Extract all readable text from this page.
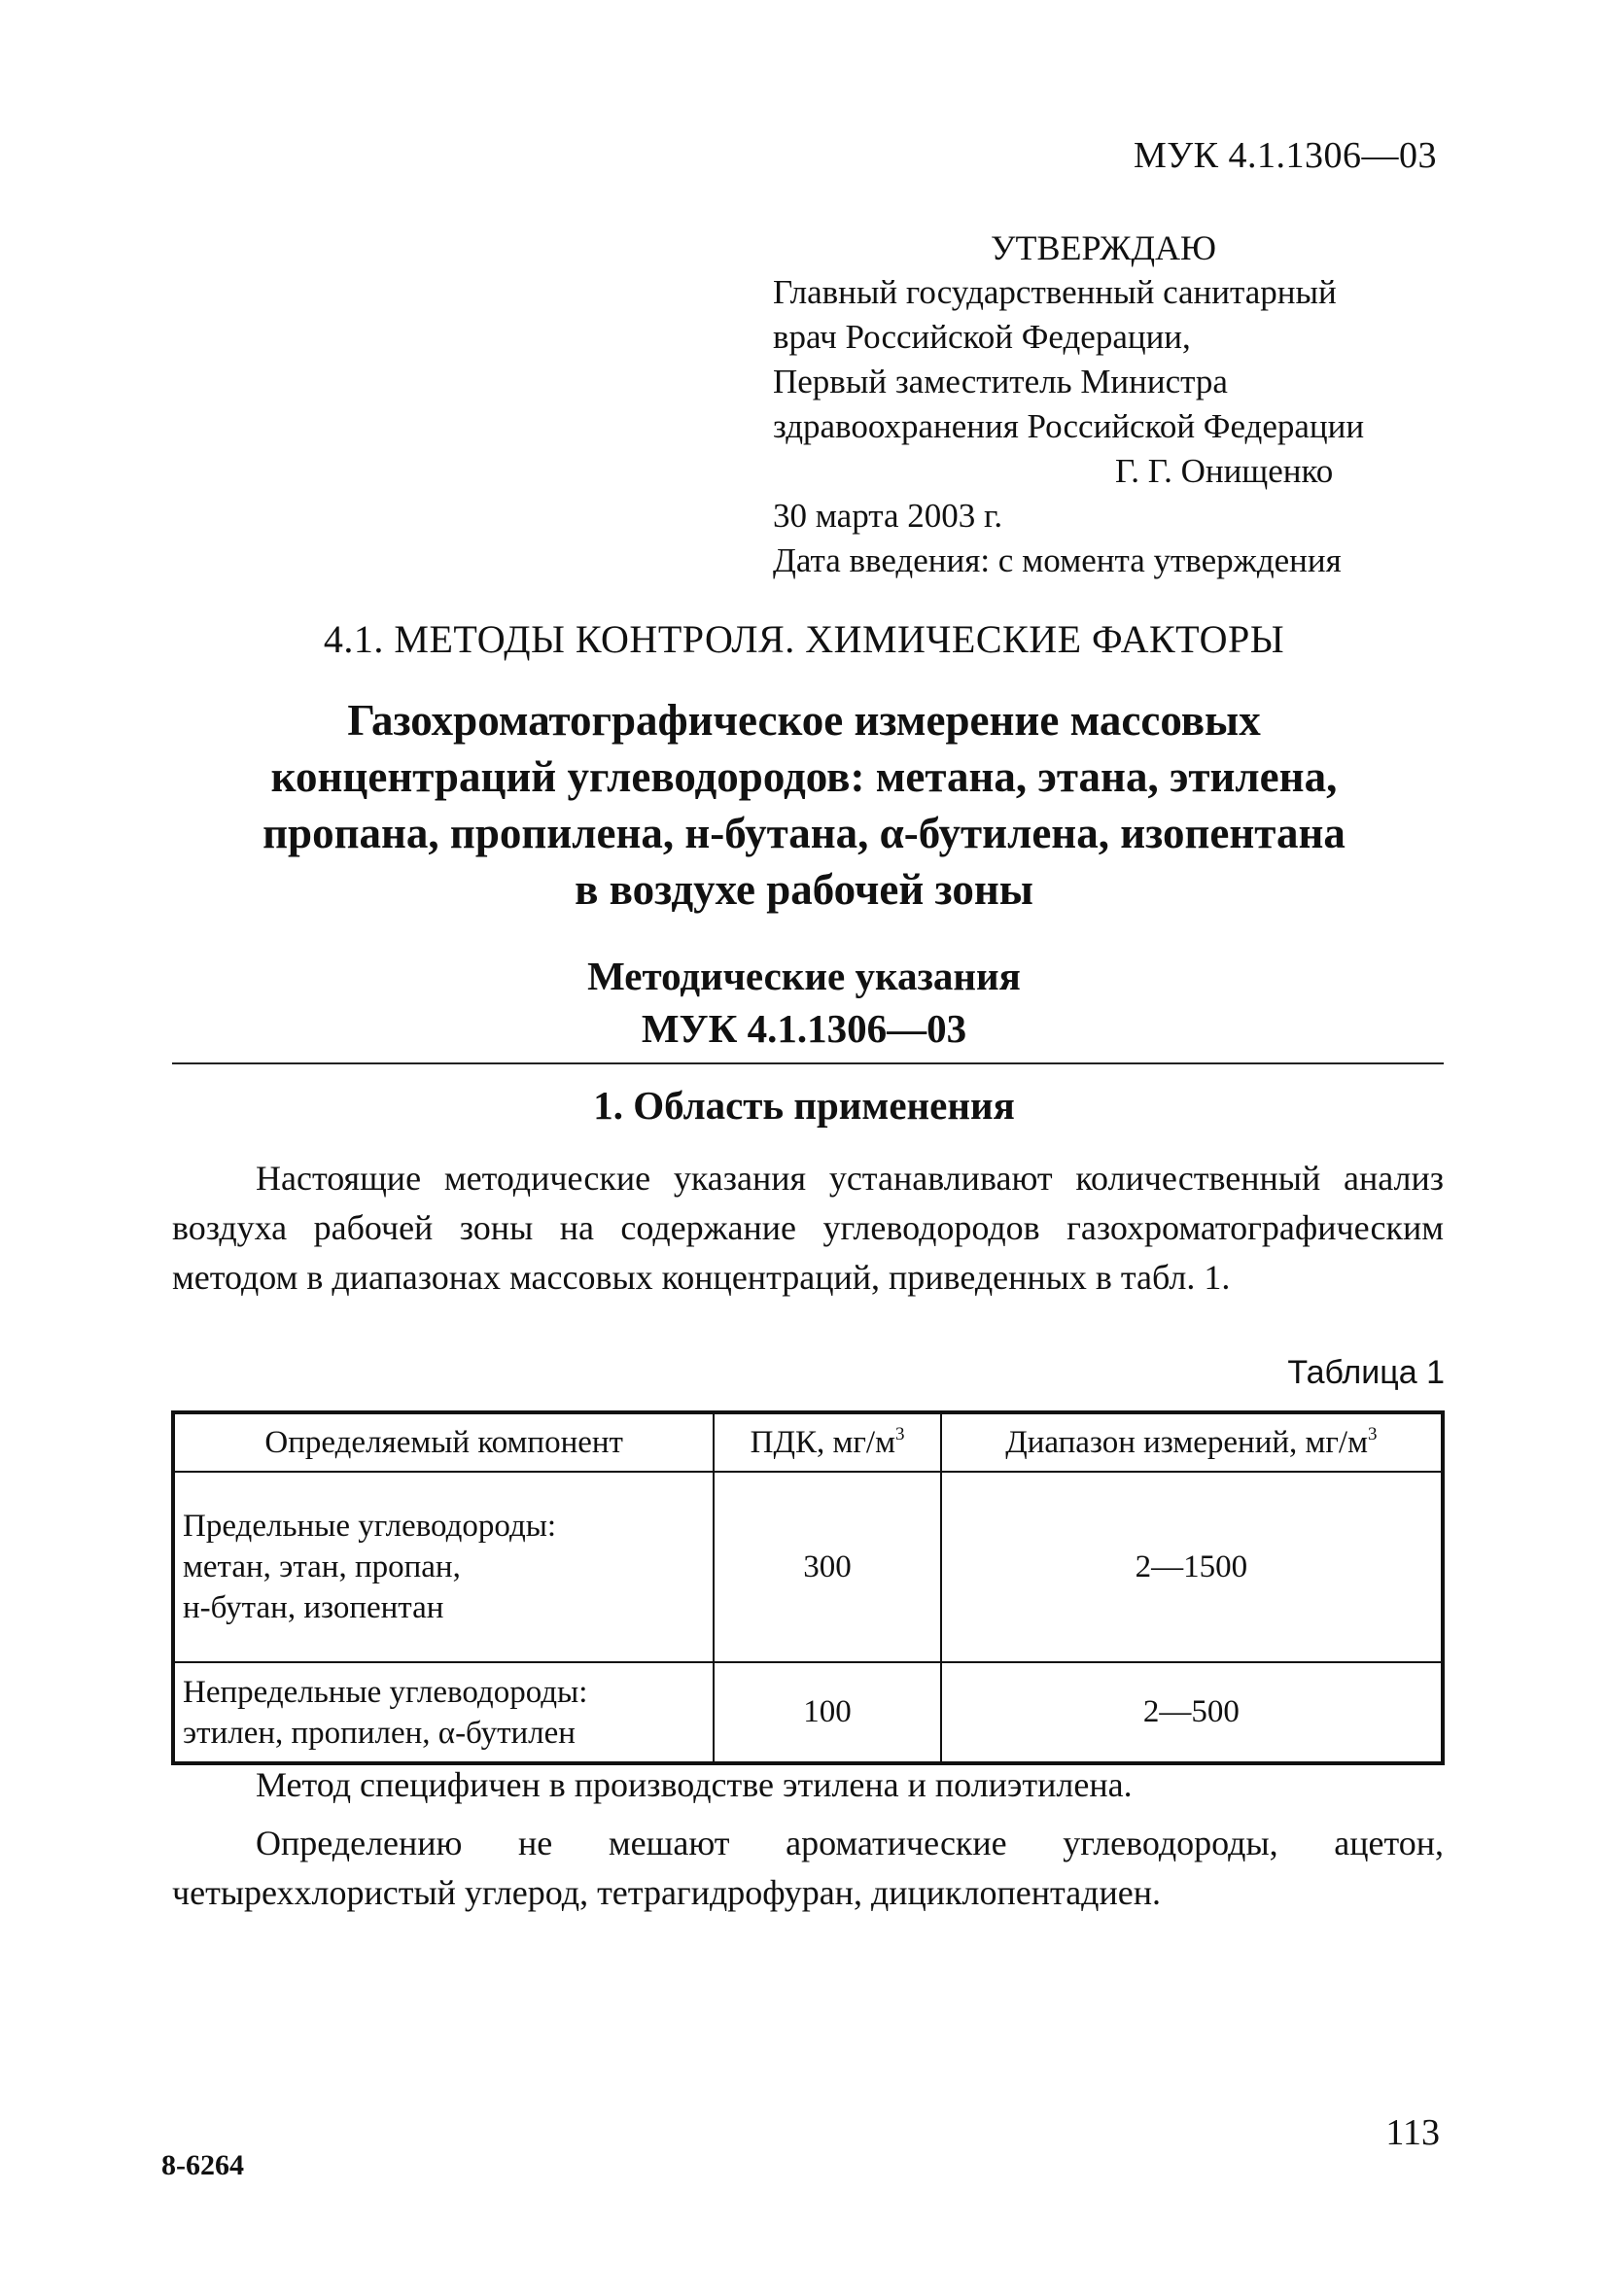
МУК 4.1.1306—03
УТВЕРЖДАЮ
Главный государственный санитарный
врач Российской Федерации,
Первый заместитель Министра
здравоохранения Российской Федерации
Г. Г. Онищенко
30 марта 2003 г.
Дата введения: с момента утверждения
4.1. МЕТОДЫ КОНТРОЛЯ. ХИМИЧЕСКИЕ ФАКТОРЫ
Газохроматографическое измерение массовых
концентраций углеводородов: метана, этана, этилена,
пропана, пропилена, н-бутана, α-бутилена, изопентана
в воздухе рабочей зоны
Методические указания
МУК 4.1.1306—03
1. Область применения
Настоящие методические указания устанавливают количественный анализ воздуха рабочей зоны на содержание углеводородов газохроматографическим методом в диапазонах массовых концентраций, приведенных в табл. 1.
Таблица 1
Определяемый компонент	ПДК, $мг/м^3$	Диапазон измерений, $мг/м^3$

Предельные углеводороды:
метан, этан, пропан,
н-бутан, изопентан	300	2—1500

Непредельные углеводороды:
этилен, пропилен, α-бутилен	100	2—500

Метод специфичен в производстве этилена и полиэтилена.

Определению не мешают ароматические углеводороды, ацетон, четыреххлористый углерод, тетрагидрофуран, дициклопентадиен.

113
8-6264
